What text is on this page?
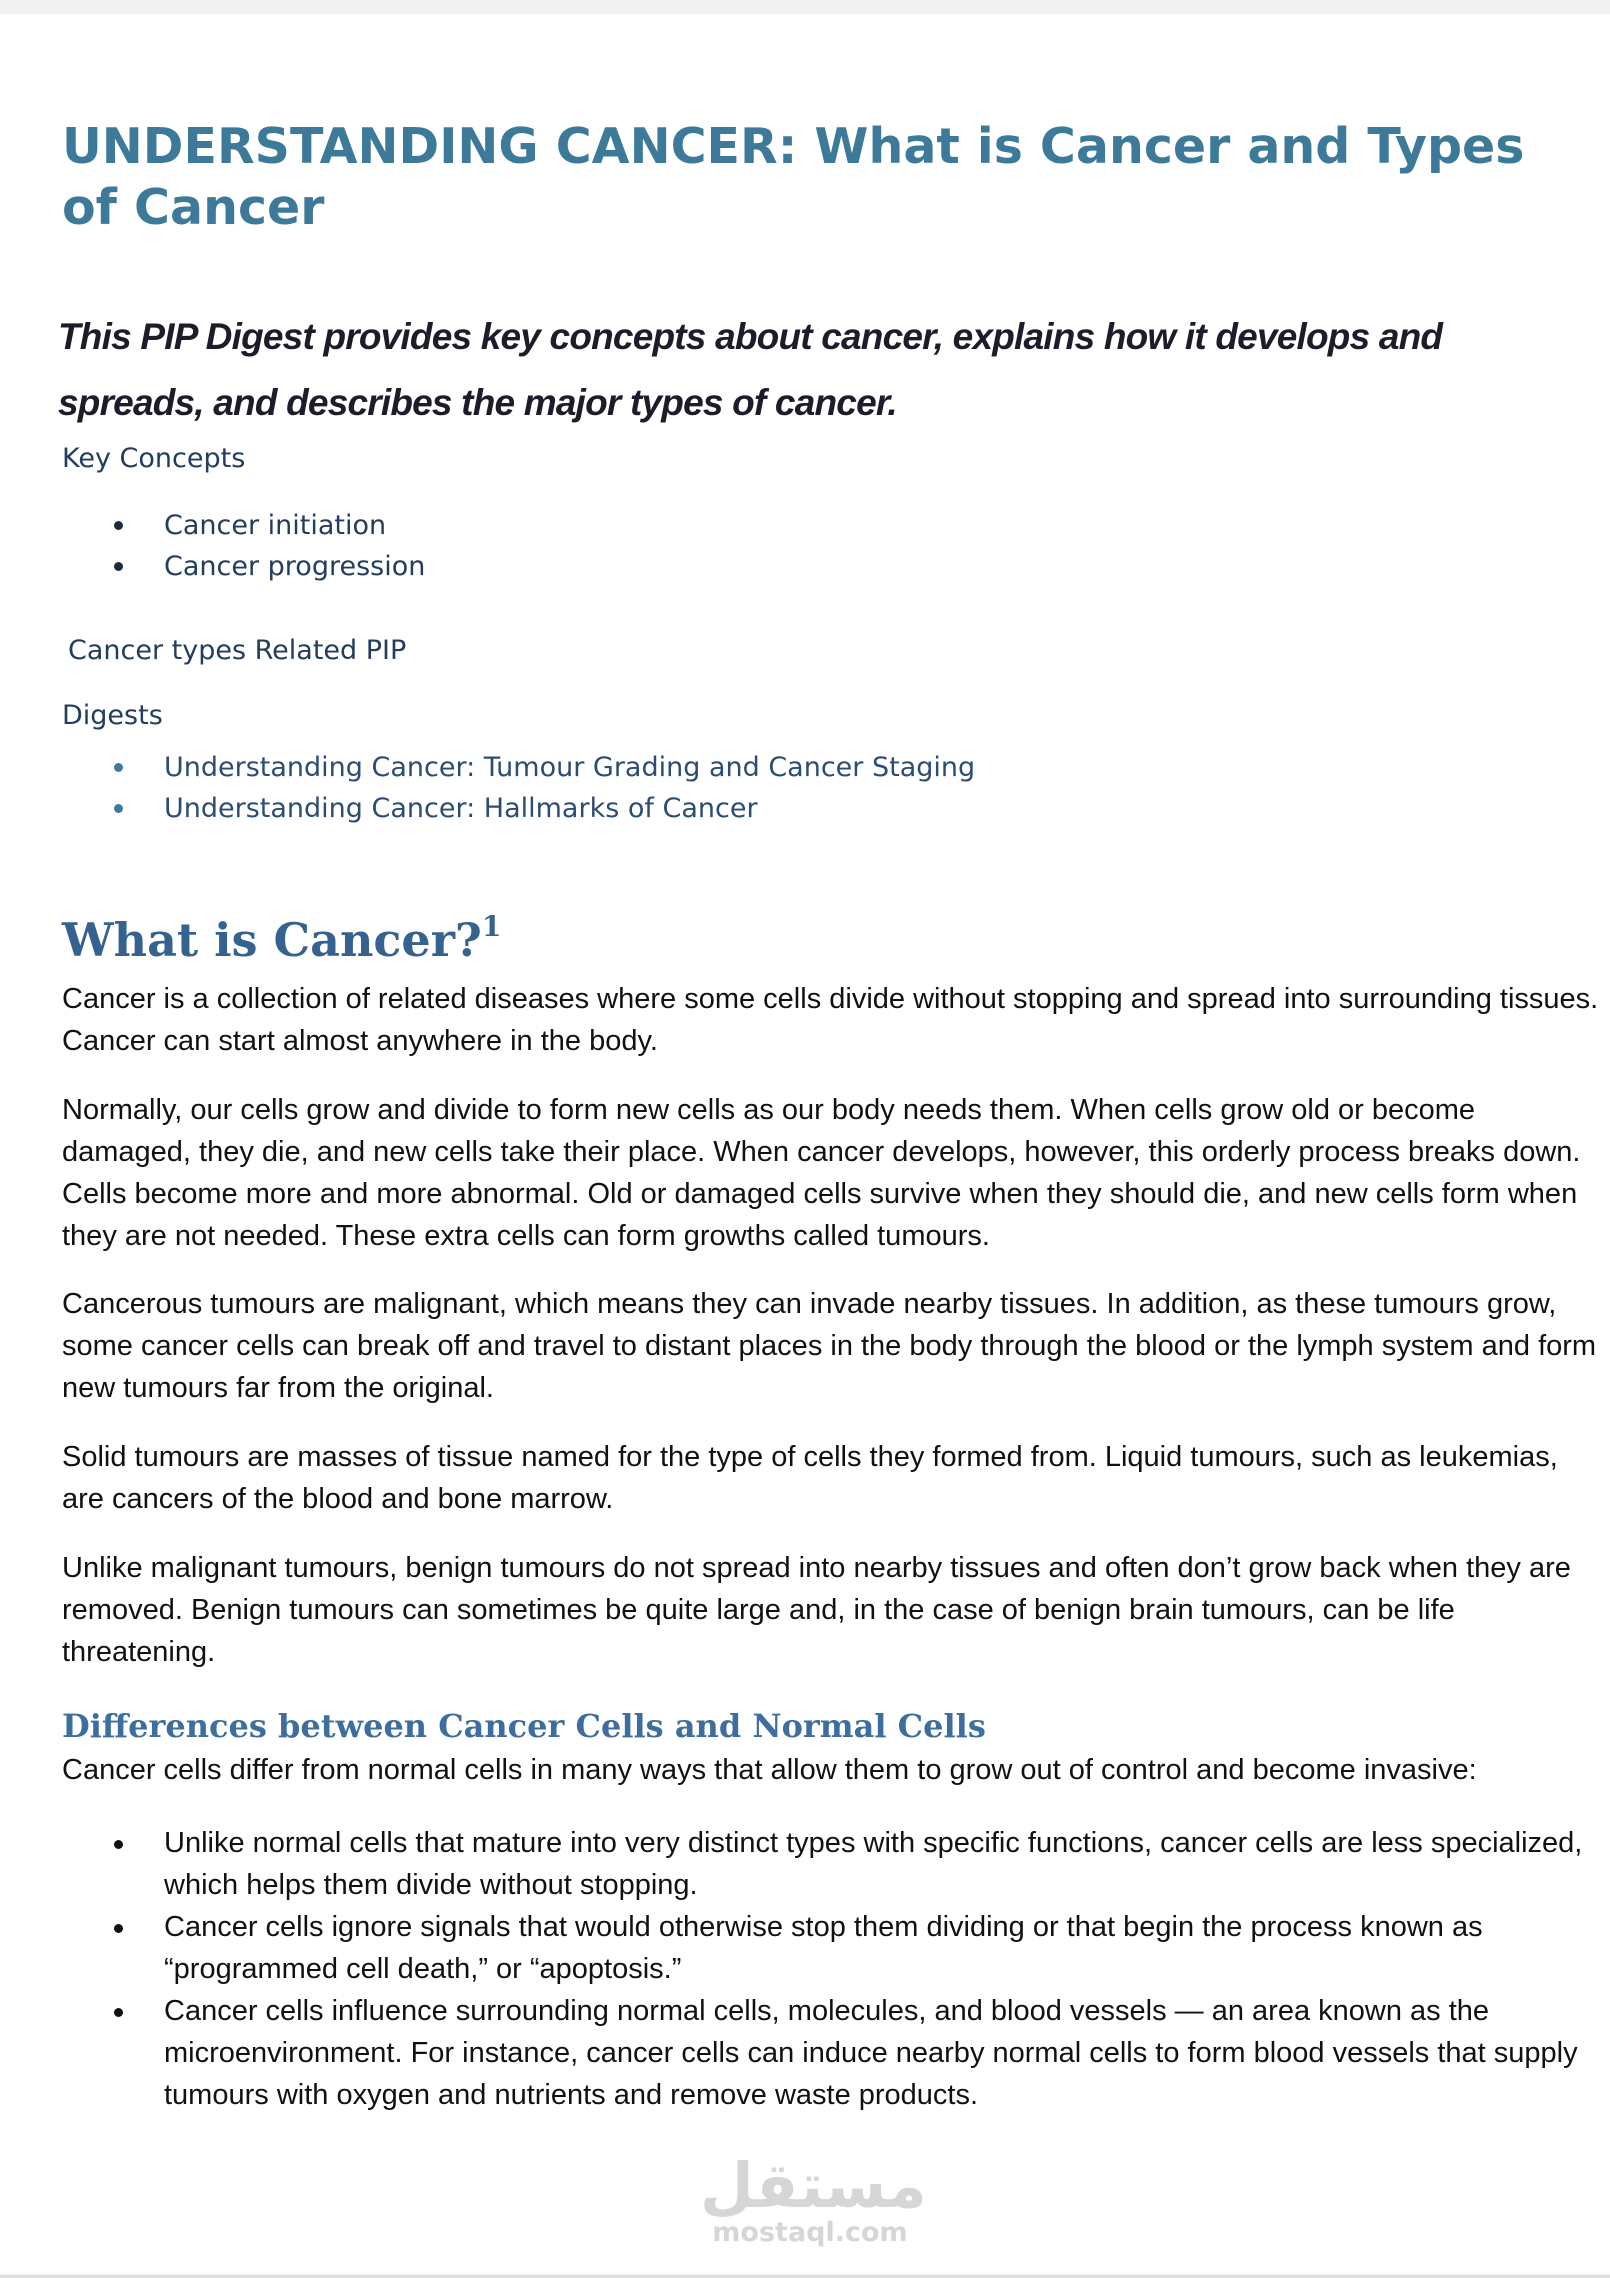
UNDERSTANDING CANCER: What is Cancer and Types of Cancer

This PIP Digest provides key concepts about cancer, explains how it develops and spreads, and describes the major types of cancer.

Key Concepts

Cancer initiation
Cancer progression

Cancer types Related PIP

Digests

Understanding Cancer: Tumour Grading and Cancer Staging
Understanding Cancer: Hallmarks of Cancer
What is Cancer?$^1$

Cancer is a collection of related diseases where some cells divide without stopping and spread into surrounding tissues. Cancer can start almost anywhere in the body.

Normally, our cells grow and divide to form new cells as our body needs them. When cells grow old or become damaged, they die, and new cells take their place. When cancer develops, however, this orderly process breaks down. Cells become more and more abnormal. Old or damaged cells survive when they should die, and new cells form when they are not needed. These extra cells can form growths called tumours.

Cancerous tumours are malignant, which means they can invade nearby tissues. In addition, as these tumours grow, some cancer cells can break off and travel to distant places in the body through the blood or the lymph system and form new tumours far from the original.

Solid tumours are masses of tissue named for the type of cells they formed from. Liquid tumours, such as leukemias, are cancers of the blood and bone marrow.

Unlike malignant tumours, benign tumours do not spread into nearby tissues and often don’t grow back when they are removed. Benign tumours can sometimes be quite large and, in the case of benign brain tumours, can be life threatening.

Differences between Cancer Cells and Normal Cells

Cancer cells differ from normal cells in many ways that allow them to grow out of control and become invasive:

Unlike normal cells that mature into very distinct types with specific functions, cancer cells are less specialized, which helps them divide without stopping.
Cancer cells ignore signals that would otherwise stop them dividing or that begin the process known as “programmed cell death,” or “apoptosis.”
Cancer cells influence surrounding normal cells, molecules, and blood vessels — an area known as the microenvironment. For instance, cancer cells can induce nearby normal cells to form blood vessels that supply tumours with oxygen and nutrients and remove waste products.
مستقل
mostaql.com
